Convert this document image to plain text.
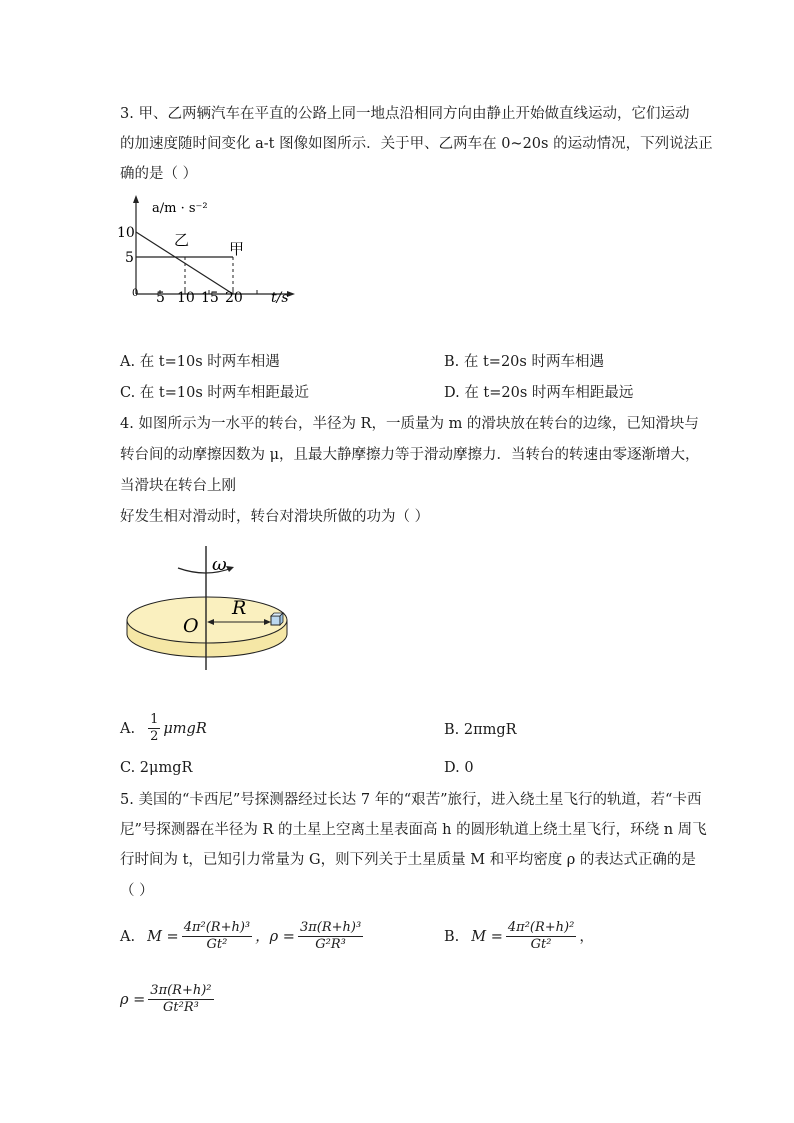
3. 甲、乙两辆汽车在平直的公路上同一地点沿相同方向由静止开始做直线运动，它们运动
的加速度随时间变化 a-t 图像如图所示．关于甲、乙两车在 0~20s 的运动情况，下列说法正
确的是（ ）
a/m · s⁻²
10
5
0 5 10 15 20 t/s
乙	甲
A. 在 t=10s 时两车相遇	B. 在 t=20s 时两车相遇
C. 在 t=10s 时两车相距最近	D. 在 t=20s 时两车相距最远
4. 如图所示为一水平的转台，半径为 R，一质量为 m 的滑块放在转台的边缘，已知滑块与
转台间的动摩擦因数为 μ，且最大静摩擦力等于滑动摩擦力．当转台的转速由零逐渐增大，
当滑块在转台上刚
好发生相对滑动时，转台对滑块所做的功为（ ）
ω
R
O
A. $\frac{1}{2}$ μmgR	B. 2πmgR
C. 2μmgR	D. 0
5. 美国的“卡西尼”号探测器经过长达 7 年的“艰苦”旅行，进入绕土星飞行的轨道，若“卡西
尼”号探测器在半径为 R 的土星上空离土星表面高 h 的圆形轨道上绕土星飞行，环绕 n 周飞
行时间为 t，已知引力常量为 G，则下列关于土星质量 M 和平均密度 ρ 的表达式正确的是
（ ）
A. $M = \frac{\text{4π²(R+h)³}}{\text{Gt²}}$ ，$\rho = \frac{\text{3π(R+h)³}}{\text{G²R³}}$	B. $M = \frac{\text{4π²(R+h)²}}{\text{Gt²}}$ ，
$\rho = \frac{\text{3π(R+h)²}}{\text{Gt²R³}}$
